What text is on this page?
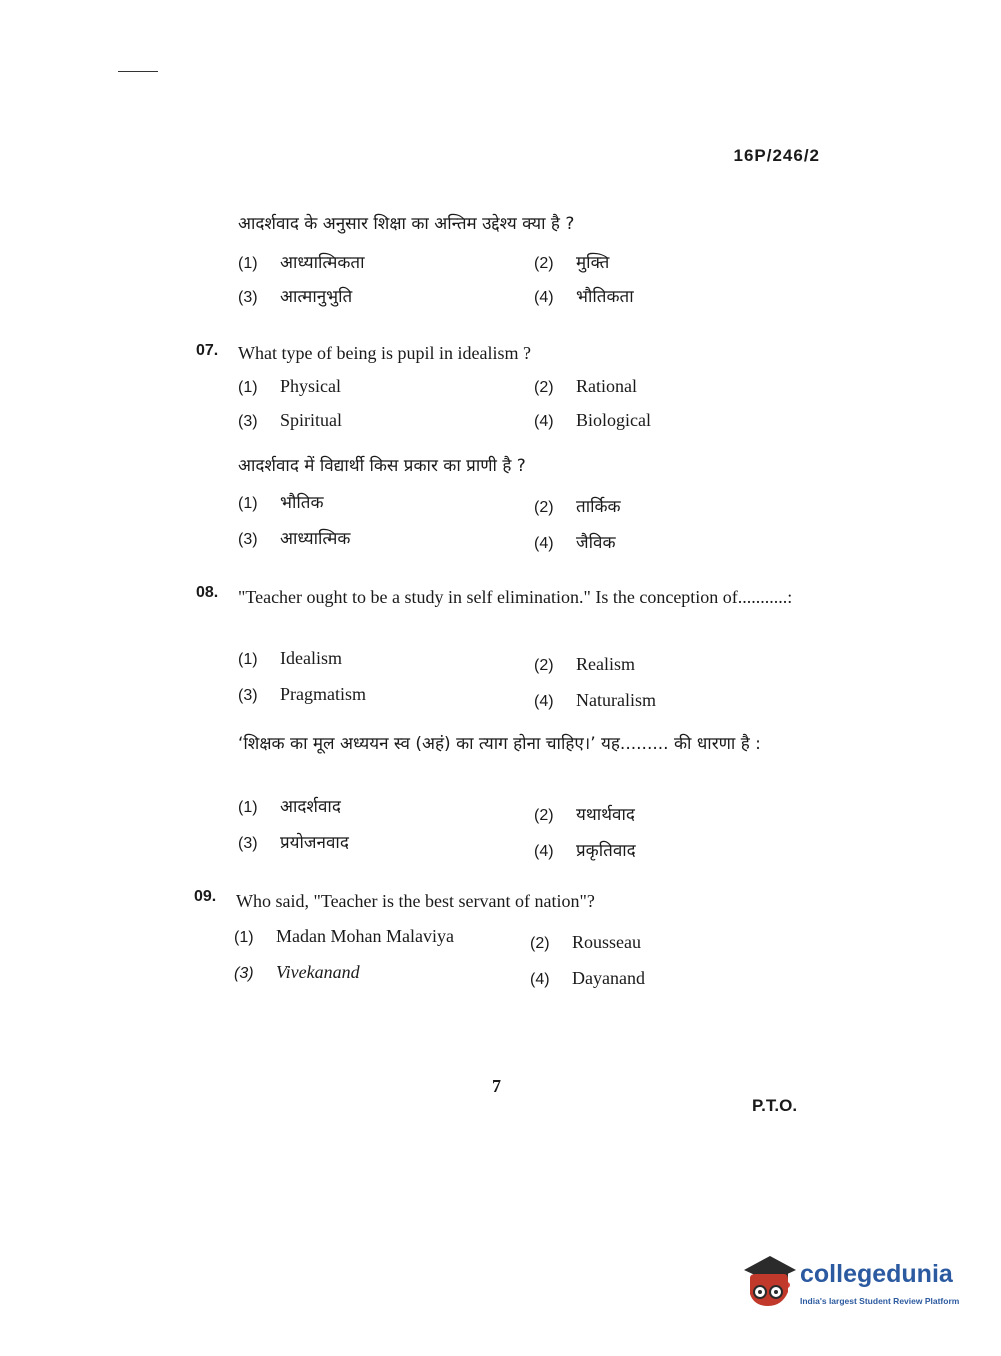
16P/246/2
आदर्शवाद के अनुसार शिक्षा का अन्तिम उद्देश्य क्या है ?
(1) आध्यात्मिकता	(2) मुक्ति
(3) आत्मानुभुति	(4) भौतिकता
07. What type of being is pupil in idealism ?
(1) Physical	(2) Rational
(3) Spiritual	(4) Biological
आदर्शवाद में विद्यार्थी किस प्रकार का प्राणी है ?
(1) भौतिक	(2) तार्किक
(3) आध्यात्मिक	(4) जैविक
08. "Teacher ought to be a study in self elimination." Is the conception of...........:
(1) Idealism	(2) Realism
(3) Pragmatism	(4) Naturalism
‘शिक्षक का मूल अध्ययन स्व (अहं) का त्याग होना चाहिए।’ यह......... की धारणा है :
(1) आदर्शवाद	(2) यथार्थवाद
(3) प्रयोजनवाद	(4) प्रकृतिवाद
09. Who said, "Teacher is the best servant of nation"?
(1) Madan Mohan Malaviya	(2) Rousseau
(3) Vivekanand	(4) Dayanand
7
P.T.O.
collegedunia
India's largest Student Review Platform
